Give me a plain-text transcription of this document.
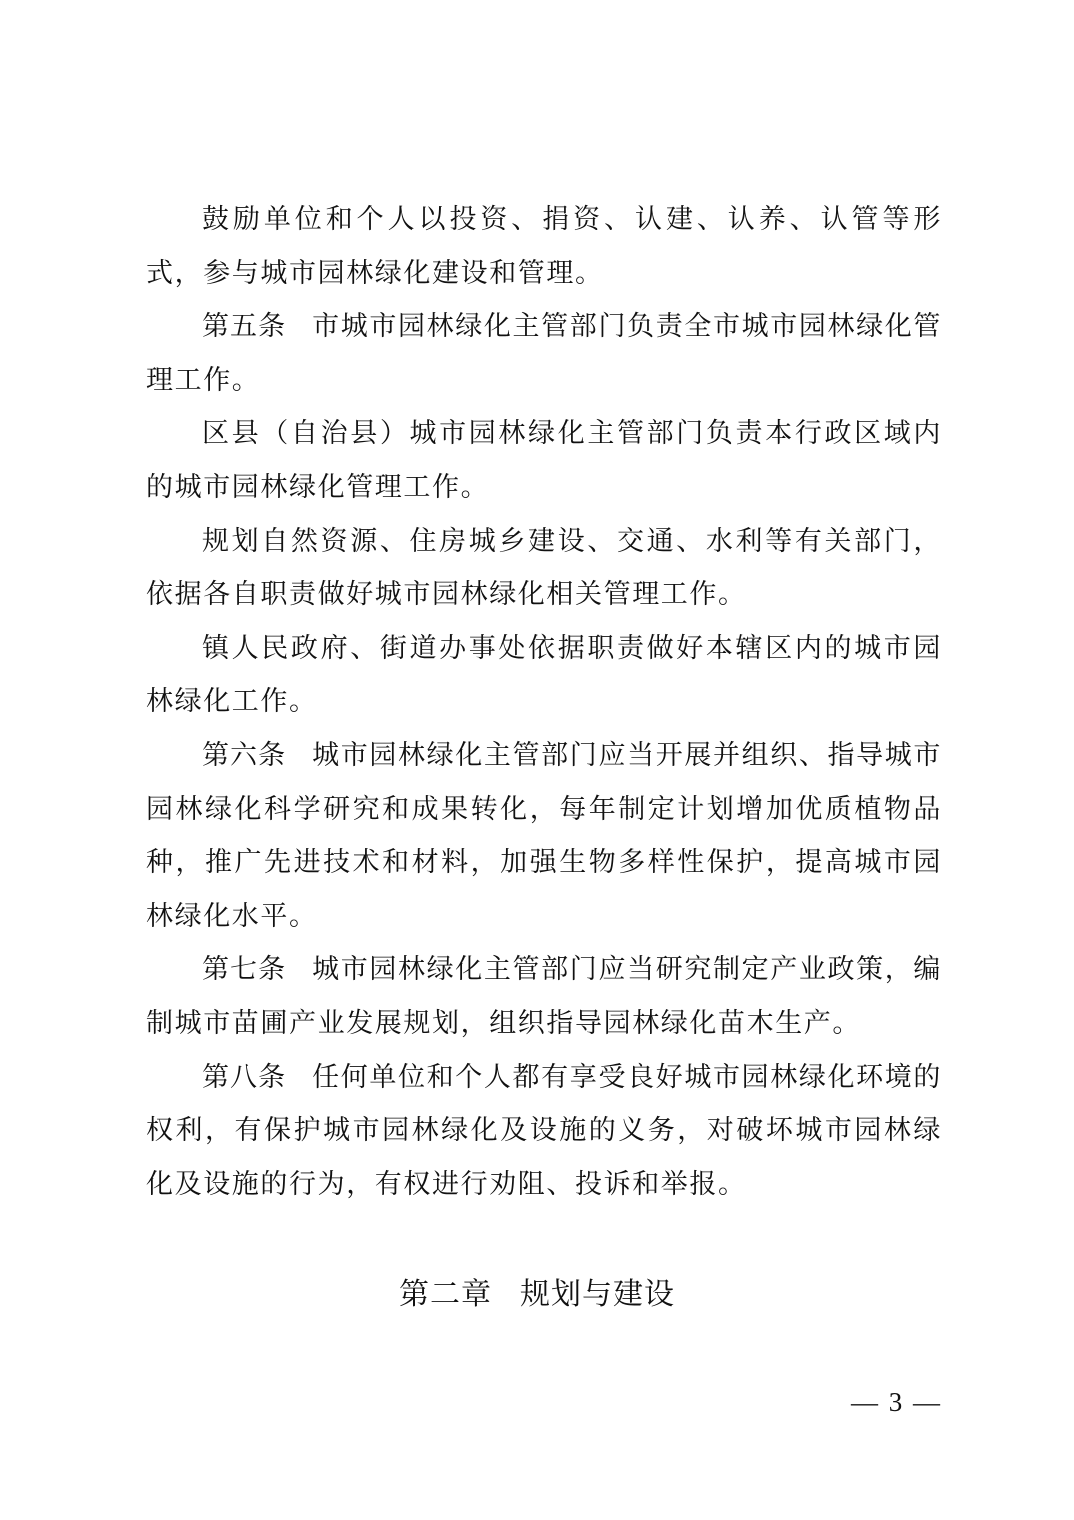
鼓励单位和个人以投资、捐资、认建、认养、认管等形式，参与城市园林绿化建设和管理。

第五条 市城市园林绿化主管部门负责全市城市园林绿化管理工作。

区县（自治县）城市园林绿化主管部门负责本行政区域内的城市园林绿化管理工作。

规划自然资源、住房城乡建设、交通、水利等有关部门，依据各自职责做好城市园林绿化相关管理工作。

镇人民政府、街道办事处依据职责做好本辖区内的城市园林绿化工作。

第六条 城市园林绿化主管部门应当开展并组织、指导城市园林绿化科学研究和成果转化，每年制定计划增加优质植物品种，推广先进技术和材料，加强生物多样性保护，提高城市园林绿化水平。

第七条 城市园林绿化主管部门应当研究制定产业政策，编制城市苗圃产业发展规划，组织指导园林绿化苗木生产。

第八条 任何单位和个人都有享受良好城市园林绿化环境的权利，有保护城市园林绿化及设施的义务，对破坏城市园林绿化及设施的行为，有权进行劝阻、投诉和举报。

第二章 规划与建设
— 3 —
